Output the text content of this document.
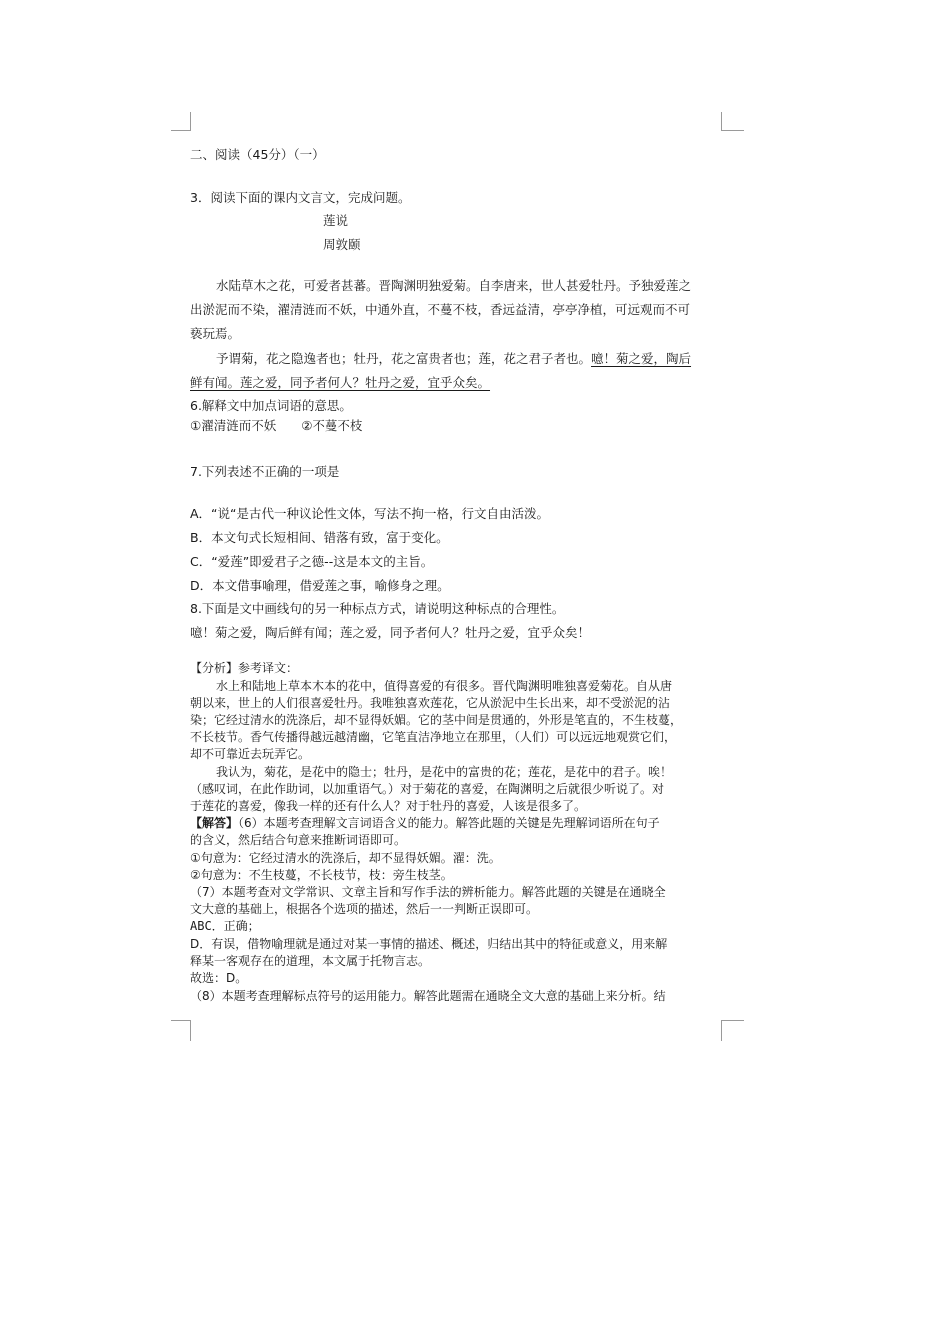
二、阅读（45分）（一）
3．阅读下面的课内文言文，完成问题。
莲说
周敦颐
水陆草木之花，可爱者甚蕃。晋陶渊明独爱菊。自李唐来，世人甚爱牡丹。予独爱莲之
出淤泥而不染，濯清涟而不妖，中通外直，不蔓不枝，香远益清，亭亭净植，可远观而不可
亵玩焉。
予谓菊，花之隐逸者也；牡丹，花之富贵者也；莲，花之君子者也。噫！菊之爱，陶后
鲜有闻。莲之爱，同予者何人？牡丹之爱，宜乎众矣。
6.解释文中加点词语的意思。
①濯清涟而不妖　　②不蔓不枝
7.下列表述不正确的一项是
A．“说“是古代一种议论性文体，写法不拘一格，行文自由活泼。
B．本文句式长短相间、错落有致，富于变化。
C．“爱莲”即爱君子之德--这是本文的主旨。
D．本文借事喻理，借爱莲之事，喻修身之理。
8.下面是文中画线句的另一种标点方式，请说明这种标点的合理性。
噫！菊之爱，陶后鲜有闻；莲之爱，同予者何人？牡丹之爱，宜乎众矣！
【分析】参考译文：
水上和陆地上草本木本的花中，值得喜爱的有很多。晋代陶渊明唯独喜爱菊花。自从唐
朝以来，世上的人们很喜爱牡丹。我唯独喜欢莲花，它从淤泥中生长出来，却不受淤泥的沾
染；它经过清水的洗涤后，却不显得妖媚。它的茎中间是贯通的，外形是笔直的，不生枝蔓，
不长枝节。香气传播得越远越清幽，它笔直洁净地立在那里，（人们）可以远远地观赏它们，
却不可靠近去玩弄它。
我认为，菊花，是花中的隐士；牡丹，是花中的富贵的花；莲花，是花中的君子。唉！
（感叹词，在此作助词，以加重语气。）对于菊花的喜爱，在陶渊明之后就很少听说了。对
于莲花的喜爱，像我一样的还有什么人？对于牡丹的喜爱，人该是很多了。
【解答】（6）本题考查理解文言词语含义的能力。解答此题的关键是先理解词语所在句子
的含义，然后结合句意来推断词语即可。
①句意为：它经过清水的洗涤后，却不显得妖媚。濯：洗。
②句意为：不生枝蔓，不长枝节，枝：旁生枝茎。
（7）本题考查对文学常识、文章主旨和写作手法的辨析能力。解答此题的关键是在通晓全
文大意的基础上，根据各个选项的描述，然后一一判断正误即可。
ABC．正确；
D．有误，借物喻理就是通过对某一事情的描述、概述，归结出其中的特征或意义，用来解
释某一客观存在的道理，本文属于托物言志。
故选：D。
（8）本题考查理解标点符号的运用能力。解答此题需在通晓全文大意的基础上来分析。结
